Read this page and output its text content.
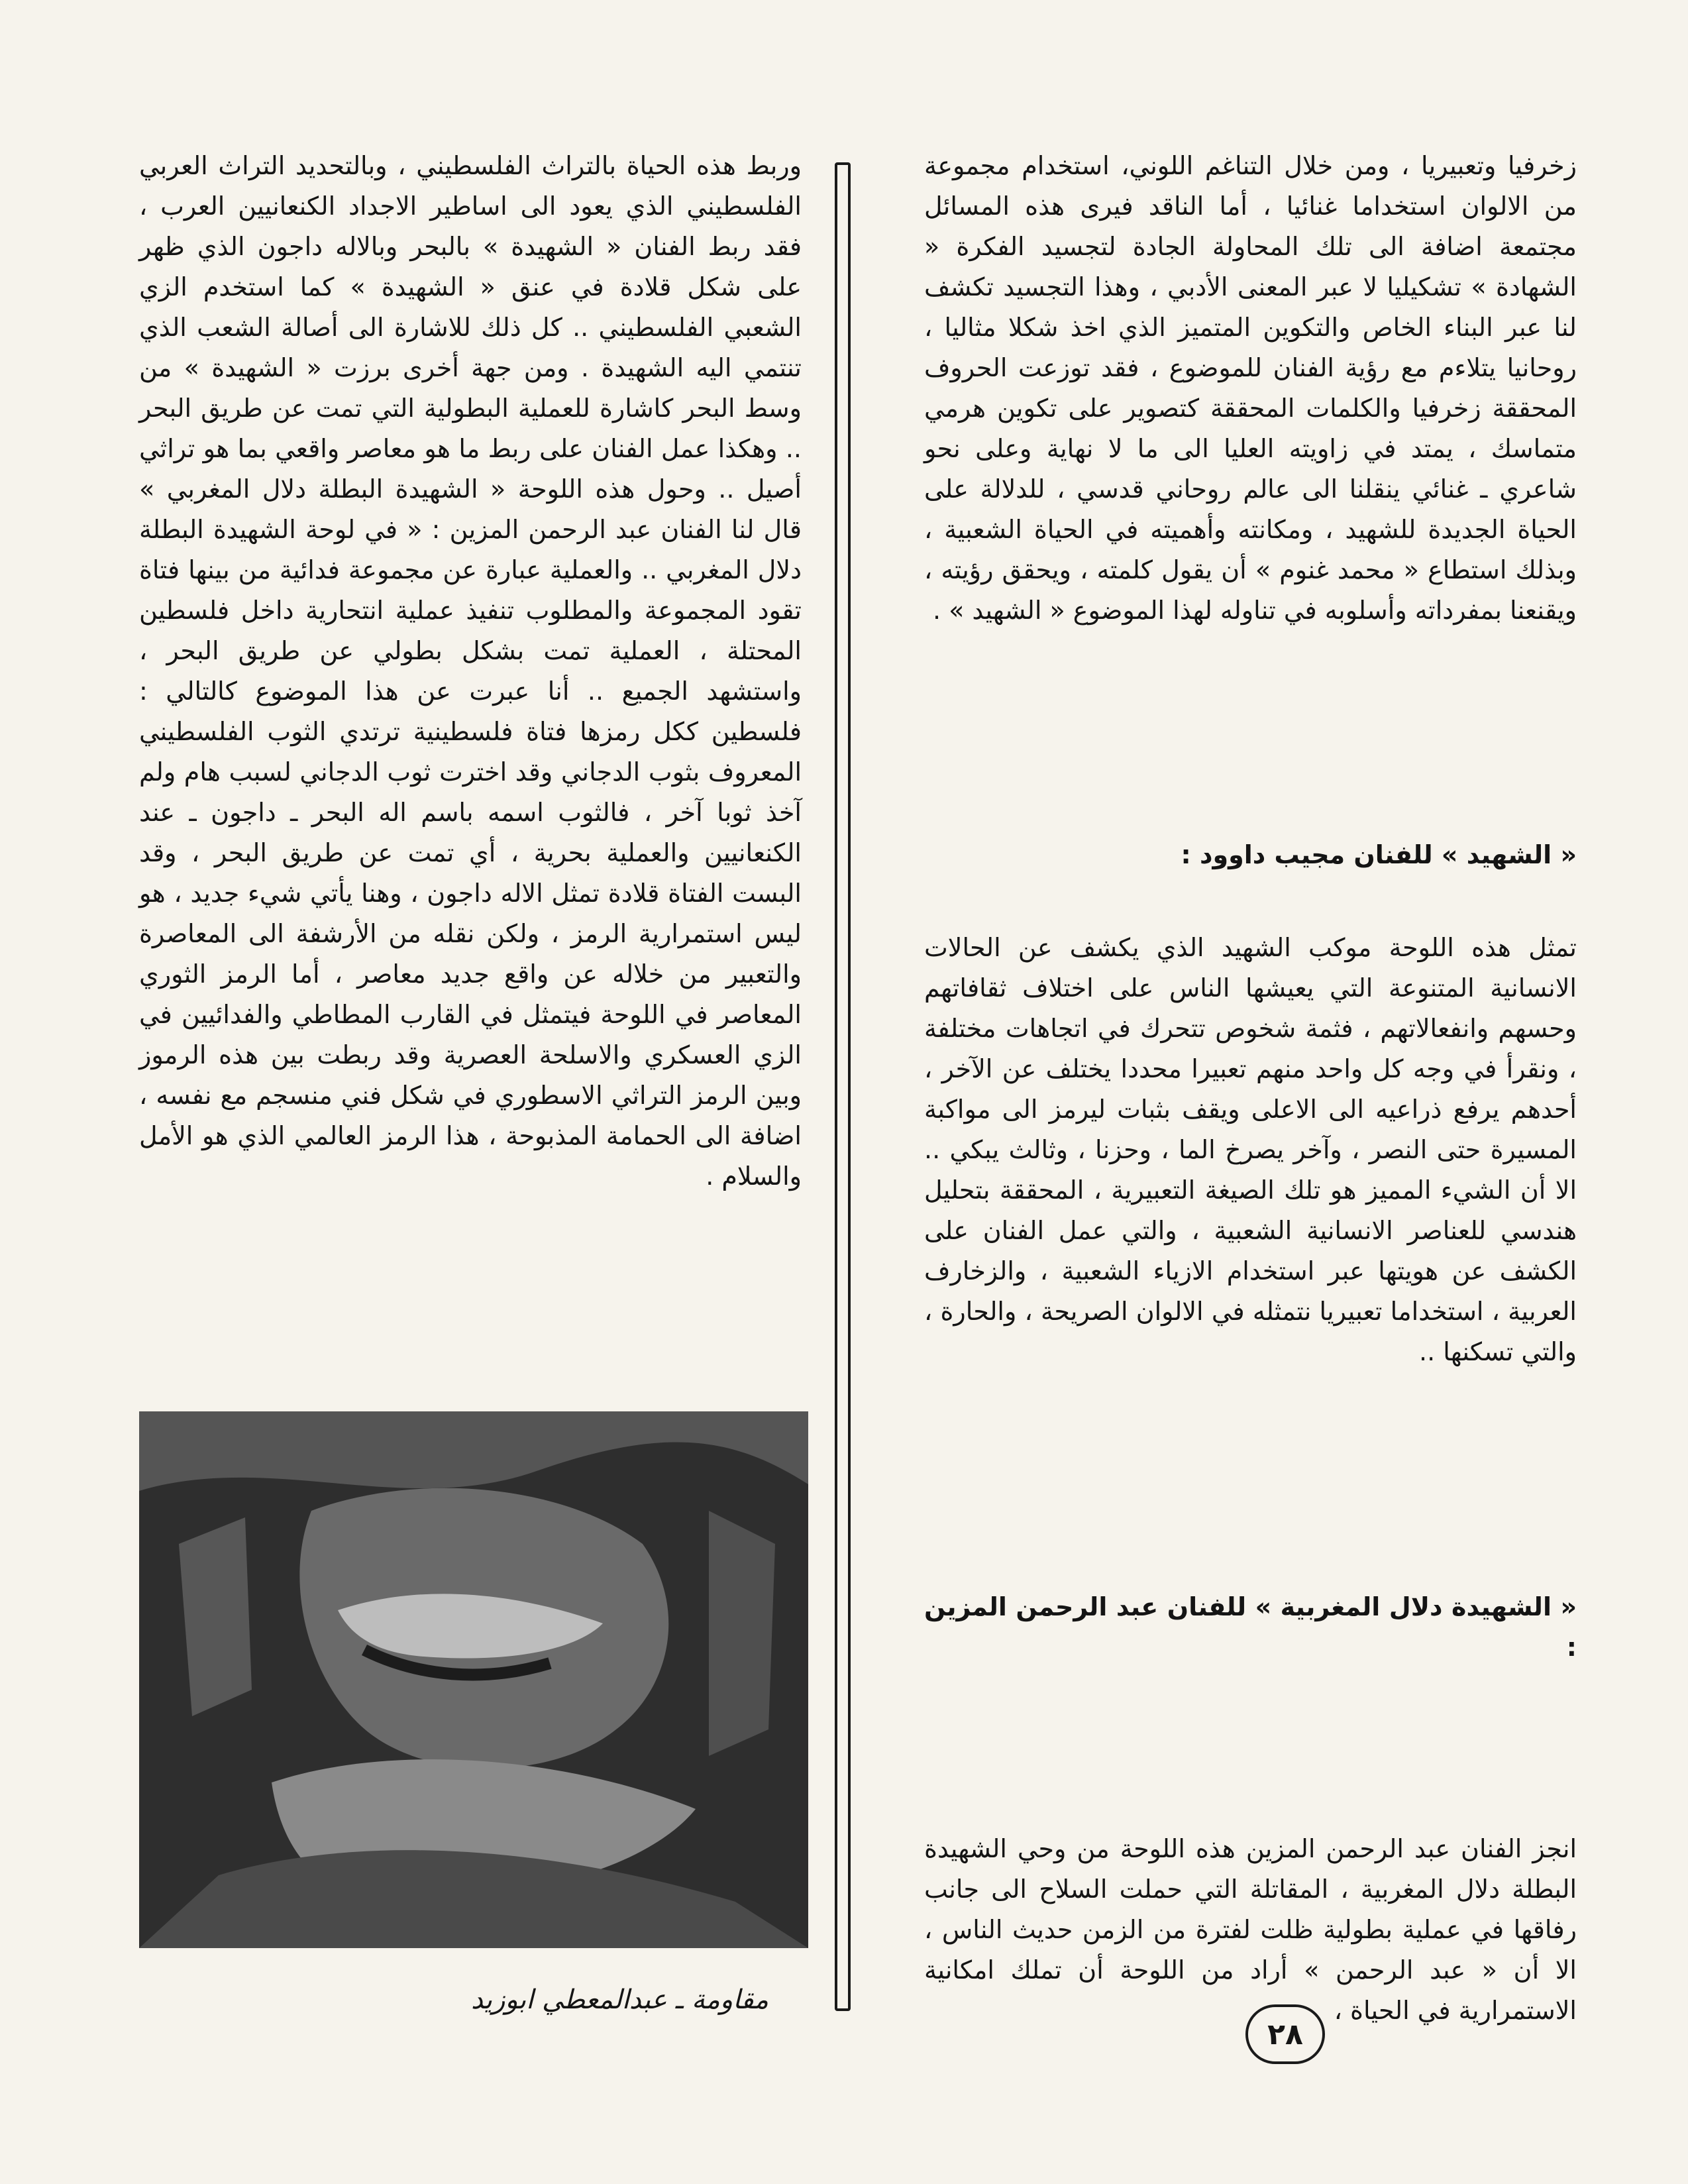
زخرفيا وتعبيريا ، ومن خلال التناغم اللوني، استخدام مجموعة من الالوان استخداما غنائيا ، أما الناقد فيرى هذه المسائل مجتمعة اضافة الى تلك المحاولة الجادة لتجسيد الفكرة « الشهادة » تشكيليا لا عبر المعنى الأدبي ، وهذا التجسيد تكشف لنا عبر البناء الخاص والتكوين المتميز الذي اخذ شكلا مثاليا ، روحانيا يتلاءم مع رؤية الفنان للموضوع ، فقد توزعت الحروف المحققة زخرفيا والكلمات المحققة كتصوير على تكوين هرمي متماسك ، يمتد في زاويته العليا الى ما لا نهاية وعلى نحو شاعري ـ غنائي ينقلنا الى عالم روحاني قدسي ، للدلالة على الحياة الجديدة للشهيد ، ومكانته وأهميته في الحياة الشعبية ، وبذلك استطاع « محمد غنوم » أن يقول كلمته ، ويحقق رؤيته ، ويقنعنا بمفرداته وأسلوبه في تناوله لهذا الموضوع « الشهيد » .

« الشهيد » للفنان مجيب داوود :

تمثل هذه اللوحة موكب الشهيد الذي يكشف عن الحالات الانسانية المتنوعة التي يعيشها الناس على اختلاف ثقافاتهم وحسهم وانفعالاتهم ، فثمة شخوص تتحرك في اتجاهات مختلفة ، ونقرأ في وجه كل واحد منهم تعبيرا محددا يختلف عن الآخر ، أحدهم يرفع ذراعيه الى الاعلى ويقف بثبات ليرمز الى مواكبة المسيرة حتى النصر ، وآخر يصرخ الما ، وحزنا ، وثالث يبكي .. الا أن الشيء المميز هو تلك الصيغة التعبيرية ، المحققة بتحليل هندسي للعناصر الانسانية الشعبية ، والتي عمل الفنان على الكشف عن هويتها عبر استخدام الازياء الشعبية ، والزخارف العربية ، استخداما تعبيريا نتمثله في الالوان الصريحة ، والحارة ، والتي تسكنها ..

« الشهيدة دلال المغربية » للفنان عبد الرحمن المزين :

انجز الفنان عبد الرحمن المزين هذه اللوحة من وحي الشهيدة البطلة دلال المغربية ، المقاتلة التي حملت السلاح الى جانب رفاقها في عملية بطولية ظلت لفترة من الزمن حديث الناس ، الا أن « عبد الرحمن » أراد من اللوحة أن تملك امكانية الاستمرارية في الحياة ،

وربط هذه الحياة بالتراث الفلسطيني ، وبالتحديد التراث العربي الفلسطيني الذي يعود الى اساطير الاجداد الكنعانيين العرب ، فقد ربط الفنان « الشهيدة » بالبحر وبالاله داجون الذي ظهر على شكل قلادة في عنق « الشهيدة » كما استخدم الزي الشعبي الفلسطيني .. كل ذلك للاشارة الى أصالة الشعب الذي تنتمي اليه الشهيدة . ومن جهة أخرى برزت « الشهيدة » من وسط البحر كاشارة للعملية البطولية التي تمت عن طريق البحر .. وهكذا عمل الفنان على ربط ما هو معاصر واقعي بما هو تراثي أصيل .. وحول هذه اللوحة « الشهيدة البطلة دلال المغربي » قال لنا الفنان عبد الرحمن المزين : « في لوحة الشهيدة البطلة دلال المغربي .. والعملية عبارة عن مجموعة فدائية من بينها فتاة تقود المجموعة والمطلوب تنفيذ عملية انتحارية داخل فلسطين المحتلة ، العملية تمت بشكل بطولي عن طريق البحر ، واستشهد الجميع .. أنا عبرت عن هذا الموضوع كالتالي : فلسطين ككل رمزها فتاة فلسطينية ترتدي الثوب الفلسطيني المعروف بثوب الدجاني وقد اخترت ثوب الدجاني لسبب هام ولم آخذ ثوبا آخر ، فالثوب اسمه باسم اله البحر ـ داجون ـ عند الكنعانيين والعملية بحرية ، أي تمت عن طريق البحر ، وقد البست الفتاة قلادة تمثل الاله داجون ، وهنا يأتي شيء جديد ، هو ليس استمرارية الرمز ، ولكن نقله من الأرشفة الى المعاصرة والتعبير من خلاله عن واقع جديد معاصر ، أما الرمز الثوري المعاصر في اللوحة فيتمثل في القارب المطاطي والفدائيين في الزي العسكري والاسلحة العصرية وقد ربطت بين هذه الرموز وبين الرمز التراثي الاسطوري في شكل فني منسجم مع نفسه ، اضافة الى الحمامة المذبوحة ، هذا الرمز العالمي الذي هو الأمل والسلام .

مقاومة ـ عبدالمعطي ابوزيد
٢٨
